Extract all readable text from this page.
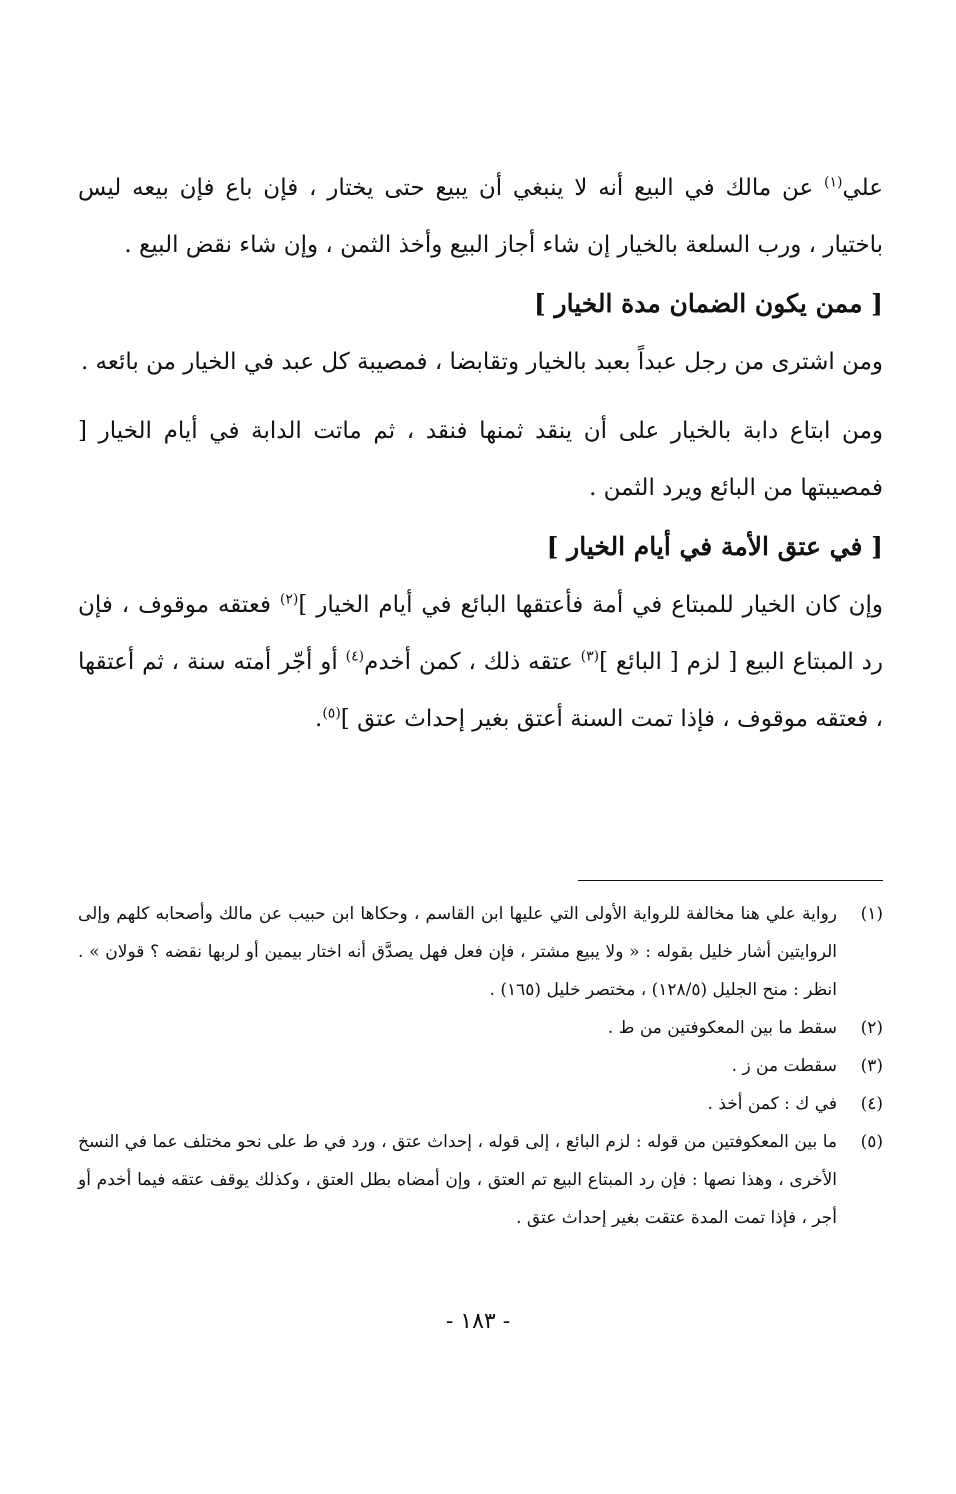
علي$^{(١)}$ عن مالك في البيع أنه لا ينبغي أن يبيع حتى يختار ، فإن باع فإن بيعه ليس باختيار ، ورب السلعة بالخيار إن شاء أجاز البيع وأخذ الثمن ، وإن شاء نقض البيع .

[ ممن يكون الضمان مدة الخيار ]

ومن اشترى من رجل عبداً بعبد بالخيار وتقابضا ، فمصيبة كل عبد في الخيار من بائعه .

ومن ابتاع دابة بالخيار على أن ينقد ثمنها فنقد ، ثم ماتت الدابة في أيام الخيار [ فمصيبتها من البائع ويرد الثمن .

[ في عتق الأمة في أيام الخيار ]

وإن كان الخيار للمبتاع في أمة فأعتقها البائع في أيام الخيار ]$^{(٢)}$ فعتقه موقوف ، فإن رد المبتاع البيع [ لزم [ البائع ]$^{(٣)}$ عتقه ذلك ، كمن أخدم$^{(٤)}$ أو أجّر أمته سنة ، ثم أعتقها ، فعتقه موقوف ، فإذا تمت السنة أعتق بغير إحداث عتق ]$^{(٥)}$.

(١)
رواية علي هنا مخالفة للرواية الأولى التي عليها ابن القاسم ، وحكاها ابن حبيب عن مالك وأصحابه كلهم وإلى الروايتين أشار خليل بقوله : « ولا يبيع مشتر ، فإن فعل فهل يصدَّق أنه اختار بيمين أو لربها نقضه ؟ قولان » . انظر : منح الجليل (١٢٨/٥) ، مختصر خليل (١٦٥) .
(٢)
سقط ما بين المعكوفتين من ط .
(٣)
سقطت من ز .
(٤)
في ك : كمن أخذ .
(٥)
ما بين المعكوفتين من قوله : لزم البائع ، إلى قوله ، إحداث عتق ، ورد في ط على نحو مختلف عما في النسخ الأخرى ، وهذا نصها : فإن رد المبتاع البيع تم العتق ، وإن أمضاه بطل العتق ، وكذلك يوقف عتقه فيما أخدم أو أجر ، فإذا تمت المدة عتقت بغير إحداث عتق .
- ١٨٣ -
